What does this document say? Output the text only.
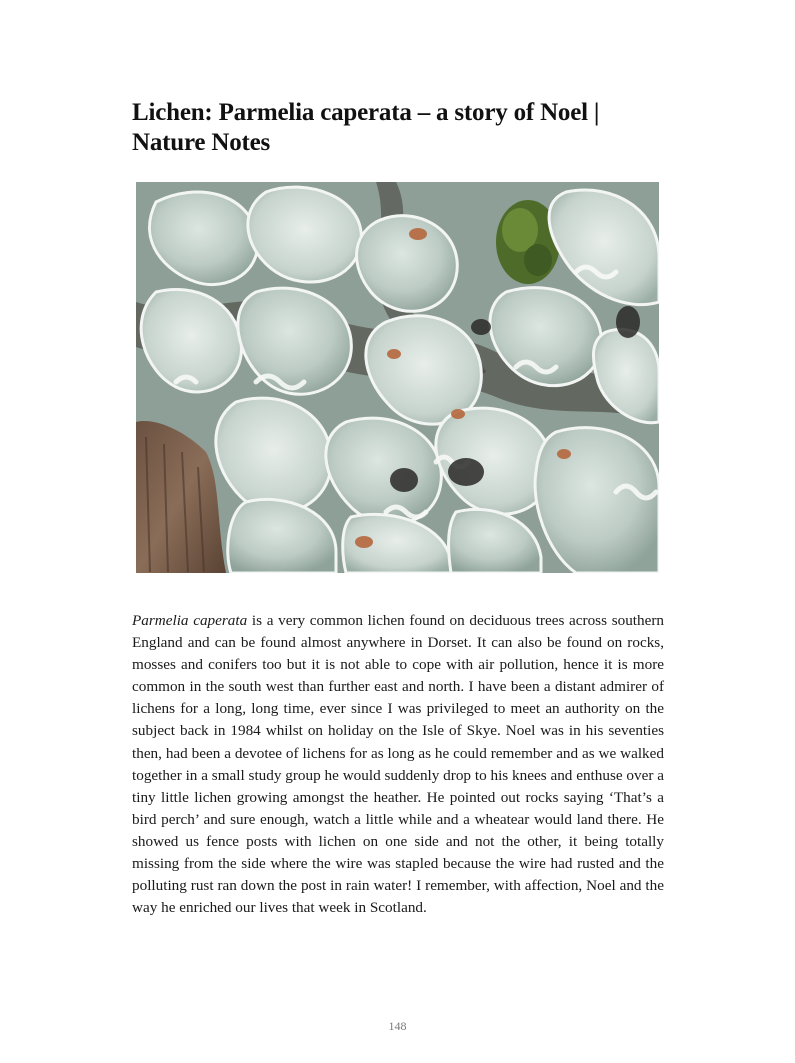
Lichen: Parmelia caperata – a story of Noel | Nature Notes

Parmelia caperata is a very common lichen found on deciduous trees across southern England and can be found almost anywhere in Dorset. It can also be found on rocks, mosses and conifers too but it is not able to cope with air pollution, hence it is more common in the south west than further east and north. I have been a distant admirer of lichens for a long, long time, ever since I was privileged to meet an authority on the subject back in 1984 whilst on holiday on the Isle of Skye. Noel was in his seventies then, had been a devotee of lichens for as long as he could remember and as we walked together in a small study group he would suddenly drop to his knees and enthuse over a tiny little lichen growing amongst the heather. He pointed out rocks saying ‘That’s a bird perch’ and sure enough, watch a little while and a wheatear would land there. He showed us fence posts with lichen on one side and not the other, it being totally missing from the side where the wire was stapled because the wire had rusted and the polluting rust ran down the post in rain water! I remember, with affection, Noel and the way he enriched our lives that week in Scotland.

148
